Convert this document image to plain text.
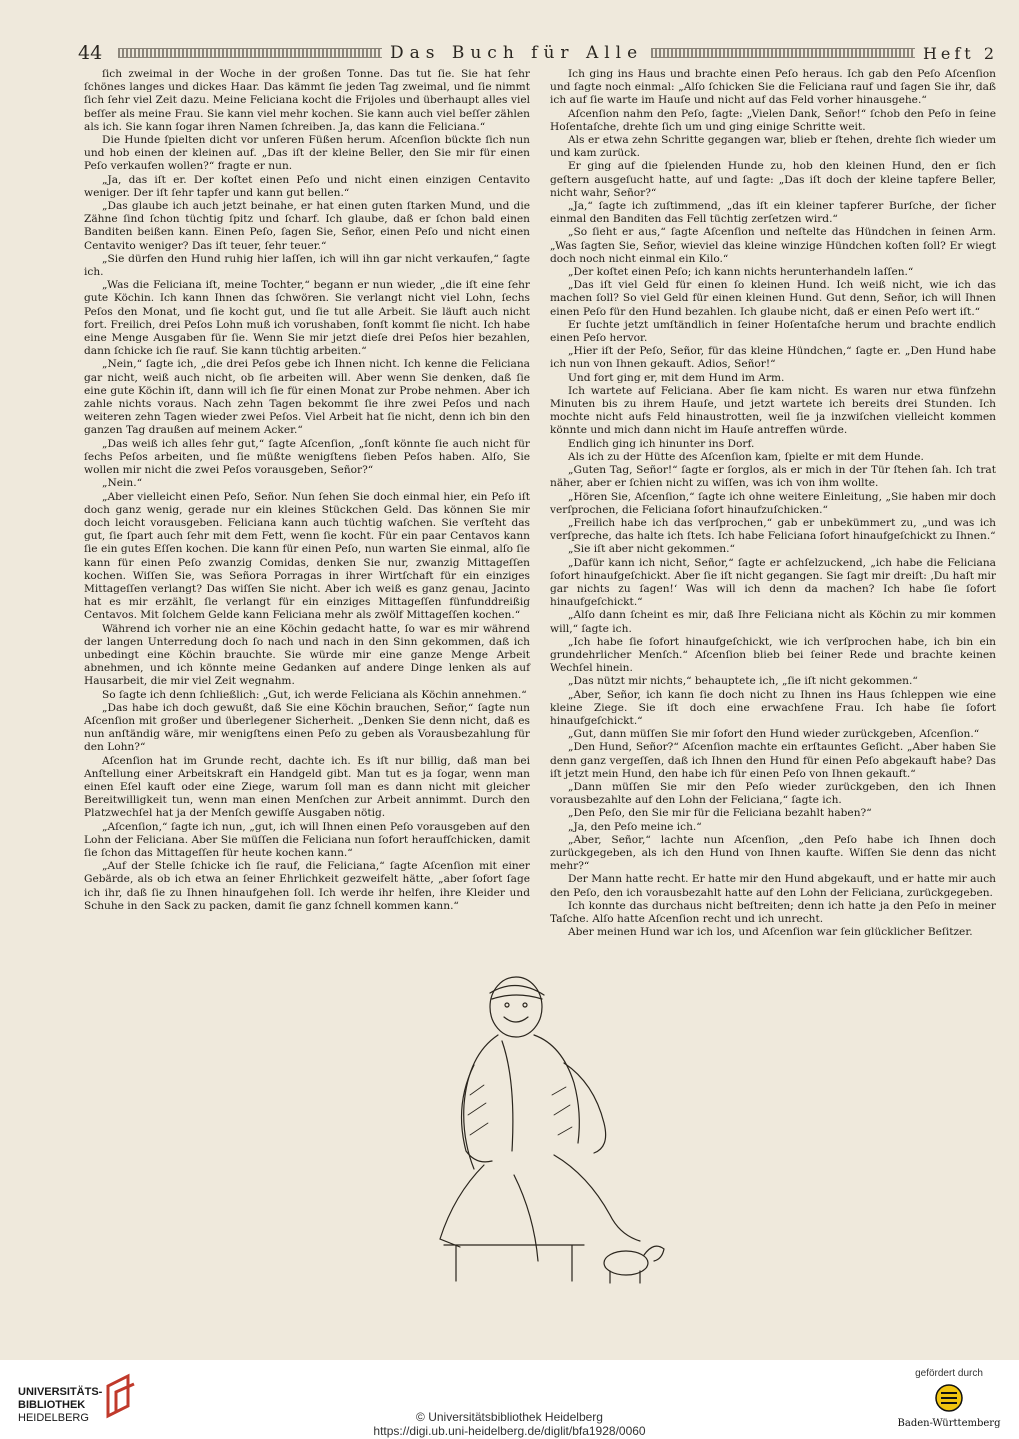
44	Das Buch für Alle	Heft 2

ſich zweimal in der Woche in der großen Tonne. Das tut ſie. Sie hat ſehr ſchönes langes und dickes Haar. Das kämmt ſie jeden Tag zweimal, und ſie nimmt ſich ſehr viel Zeit dazu. Meine Feliciana kocht die Frijoles und überhaupt alles viel beſſer als meine Frau. Sie kann viel mehr kochen. Sie kann auch viel beſſer zählen als ich. Sie kann ſogar ihren Namen ſchreiben. Ja, das kann die Feliciana.“

Die Hunde ſpielten dicht vor unſeren Füßen herum. Aſcenſion bückte ſich nun und hob einen der kleinen auf. „Das iſt der kleine Beller, den Sie mir für einen Peſo verkaufen wollen?“ fragte er nun.

„Ja, das iſt er. Der koſtet einen Peſo und nicht einen einzigen Centavito weniger. Der iſt ſehr tapfer und kann gut bellen.“

„Das glaube ich auch jetzt beinahe, er hat einen guten ſtarken Mund, und die Zähne ſind ſchon tüchtig ſpitz und ſcharf. Ich glaube, daß er ſchon bald einen Banditen beißen kann. Einen Peſo, ſagen Sie, Señor, einen Peſo und nicht einen Centavito weniger? Das iſt teuer, ſehr teuer.“

„Sie dürfen den Hund ruhig hier laſſen, ich will ihn gar nicht verkaufen,“ ſagte ich.

„Was die Feliciana iſt, meine Tochter,“ begann er nun wieder, „die iſt eine ſehr gute Köchin. Ich kann Ihnen das ſchwören. Sie verlangt nicht viel Lohn, ſechs Peſos den Monat, und ſie kocht gut, und ſie tut alle Arbeit. Sie läuft auch nicht fort. Freilich, drei Peſos Lohn muß ich vorushaben, ſonſt kommt ſie nicht. Ich habe eine Menge Ausgaben für ſie. Wenn Sie mir jetzt dieſe drei Peſos hier bezahlen, dann ſchicke ich ſie rauf. Sie kann tüchtig arbeiten.“

„Nein,“ ſagte ich, „die drei Peſos gebe ich Ihnen nicht. Ich kenne die Feliciana gar nicht, weiß auch nicht, ob ſie arbeiten will. Aber wenn Sie denken, daß ſie eine gute Köchin iſt, dann will ich ſie für einen Monat zur Probe nehmen. Aber ich zahle nichts voraus. Nach zehn Tagen bekommt ſie ihre zwei Peſos und nach weiteren zehn Tagen wieder zwei Peſos. Viel Arbeit hat ſie nicht, denn ich bin den ganzen Tag draußen auf meinem Acker.“

„Das weiß ich alles ſehr gut,“ ſagte Aſcenſion, „ſonſt könnte ſie auch nicht für ſechs Peſos arbeiten, und ſie müßte wenigſtens ſieben Peſos haben. Alſo, Sie wollen mir nicht die zwei Peſos vorausgeben, Señor?“

„Nein.“

„Aber vielleicht einen Peſo, Señor. Nun ſehen Sie doch einmal hier, ein Peſo iſt doch ganz wenig, gerade nur ein kleines Stückchen Geld. Das können Sie mir doch leicht vorausgeben. Feliciana kann auch tüchtig waſchen. Sie verſteht das gut, ſie ſpart auch ſehr mit dem Fett, wenn ſie kocht. Für ein paar Centavos kann ſie ein gutes Eſſen kochen. Die kann für einen Peſo, nun warten Sie einmal, alſo ſie kann für einen Peſo zwanzig Comidas, denken Sie nur, zwanzig Mittageſſen kochen. Wiſſen Sie, was Señora Porragas in ihrer Wirtſchaft für ein einziges Mittageſſen verlangt? Das wiſſen Sie nicht. Aber ich weiß es ganz genau, Jacinto hat es mir erzählt, ſie verlangt für ein einziges Mittageſſen fünfunddreißig Centavos. Mit ſolchem Gelde kann Feliciana mehr als zwölf Mittageſſen kochen.“

Während ich vorher nie an eine Köchin gedacht hatte, ſo war es mir während der langen Unterredung doch ſo nach und nach in den Sinn gekommen, daß ich unbedingt eine Köchin brauchte. Sie würde mir eine ganze Menge Arbeit abnehmen, und ich könnte meine Gedanken auf andere Dinge lenken als auf Hausarbeit, die mir viel Zeit wegnahm.

So ſagte ich denn ſchließlich: „Gut, ich werde Feliciana als Köchin annehmen.“

„Das habe ich doch gewußt, daß Sie eine Köchin brauchen, Señor,“ ſagte nun Aſcenſion mit großer und überlegener Sicherheit. „Denken Sie denn nicht, daß es nun anſtändig wäre, mir wenigſtens einen Peſo zu geben als Vorausbezahlung für den Lohn?“

Aſcenſion hat im Grunde recht, dachte ich. Es iſt nur billig, daß man bei Anſtellung einer Arbeitskraft ein Handgeld gibt. Man tut es ja ſogar, wenn man einen Eſel kauft oder eine Ziege, warum ſoll man es dann nicht mit gleicher Bereitwilligkeit tun, wenn man einen Menſchen zur Arbeit annimmt. Durch den Platzwechſel hat ja der Menſch gewiſſe Ausgaben nötig.

„Aſcenſion,“ ſagte ich nun, „gut, ich will Ihnen einen Peſo vorausgeben auf den Lohn der Feliciana. Aber Sie müſſen die Feliciana nun ſofort heraufſchicken, damit ſie ſchon das Mittageſſen für heute kochen kann.“

„Auf der Stelle ſchicke ich ſie rauf, die Feliciana,“ ſagte Aſcenſion mit einer Gebärde, als ob ich etwa an ſeiner Ehrlichkeit gezweifelt hätte, „aber ſofort ſage ich ihr, daß ſie zu Ihnen hinaufgehen ſoll. Ich werde ihr helfen, ihre Kleider und Schuhe in den Sack zu packen, damit ſie ganz ſchnell kommen kann.“

Ich ging ins Haus und brachte einen Peſo heraus. Ich gab den Peſo Aſcenſion und ſagte noch einmal: „Alſo ſchicken Sie die Feliciana rauf und ſagen Sie ihr, daß ich auf ſie warte im Hauſe und nicht auf das Feld vorher hinausgehe.“

Aſcenſion nahm den Peſo, ſagte: „Vielen Dank, Señor!“ ſchob den Peſo in ſeine Hoſentaſche, drehte ſich um und ging einige Schritte weit.

Als er etwa zehn Schritte gegangen war, blieb er ſtehen, drehte ſich wieder um und kam zurück.

Er ging auf die ſpielenden Hunde zu, hob den kleinen Hund, den er ſich geſtern ausgeſucht hatte, auf und ſagte: „Das iſt doch der kleine tapfere Beller, nicht wahr, Señor?“

„Ja,“ ſagte ich zuſtimmend, „das iſt ein kleiner tapferer Burſche, der ſicher einmal den Banditen das Fell tüchtig zerſetzen wird.“

„So ſieht er aus,“ ſagte Aſcenſion und neſtelte das Hündchen in ſeinen Arm. „Was ſagten Sie, Señor, wieviel das kleine winzige Hündchen koſten ſoll? Er wiegt doch noch nicht einmal ein Kilo.“

„Der koſtet einen Peſo; ich kann nichts herunterhandeln laſſen.“

„Das iſt viel Geld für einen ſo kleinen Hund. Ich weiß nicht, wie ich das machen ſoll? So viel Geld für einen kleinen Hund. Gut denn, Señor, ich will Ihnen einen Peſo für den Hund bezahlen. Ich glaube nicht, daß er einen Peſo wert iſt.“

Er ſuchte jetzt umſtändlich in ſeiner Hoſentaſche herum und brachte endlich einen Peſo hervor.

„Hier iſt der Peſo, Señor, für das kleine Hündchen,“ ſagte er. „Den Hund habe ich nun von Ihnen gekauft. Adios, Señor!“

Und fort ging er, mit dem Hund im Arm.

Ich wartete auf Feliciana. Aber ſie kam nicht. Es waren nur etwa fünfzehn Minuten bis zu ihrem Hauſe, und jetzt wartete ich bereits drei Stunden. Ich mochte nicht aufs Feld hinaustrotten, weil ſie ja inzwiſchen vielleicht kommen könnte und mich dann nicht im Hauſe antreffen würde.

Endlich ging ich hinunter ins Dorf.

Als ich zu der Hütte des Aſcenſion kam, ſpielte er mit dem Hunde.

„Guten Tag, Señor!“ ſagte er ſorglos, als er mich in der Tür ſtehen ſah. Ich trat näher, aber er ſchien nicht zu wiſſen, was ich von ihm wollte.

„Hören Sie, Aſcenſion,“ ſagte ich ohne weitere Einleitung, „Sie haben mir doch verſprochen, die Feliciana ſofort hinaufzuſchicken.“

„Freilich habe ich das verſprochen,“ gab er unbekümmert zu, „und was ich verſpreche, das halte ich ſtets. Ich habe Feliciana ſofort hinaufgeſchickt zu Ihnen.“

„Sie iſt aber nicht gekommen.“

„Dafür kann ich nicht, Señor,“ ſagte er achſelzuckend, „ich habe die Feliciana ſofort hinaufgeſchickt. Aber ſie iſt nicht gegangen. Sie ſagt mir dreiſt: ‚Du haſt mir gar nichts zu ſagen!‘ Was will ich denn da machen? Ich habe ſie ſofort hinaufgeſchickt.“

„Alſo dann ſcheint es mir, daß Ihre Feliciana nicht als Köchin zu mir kommen will,“ ſagte ich.

„Ich habe ſie ſofort hinaufgeſchickt, wie ich verſprochen habe, ich bin ein grundehrlicher Menſch.“ Aſcenſion blieb bei ſeiner Rede und brachte keinen Wechſel hinein.

„Das nützt mir nichts,“ behauptete ich, „ſie iſt nicht gekommen.“

„Aber, Señor, ich kann ſie doch nicht zu Ihnen ins Haus ſchleppen wie eine kleine Ziege. Sie iſt doch eine erwachſene Frau. Ich habe ſie ſofort hinaufgeſchickt.“

„Gut, dann müſſen Sie mir ſofort den Hund wieder zurückgeben, Aſcenſion.“

„Den Hund, Señor?“ Aſcenſion machte ein erſtauntes Geſicht. „Aber haben Sie denn ganz vergeſſen, daß ich Ihnen den Hund für einen Peſo abgekauft habe? Das iſt jetzt mein Hund, den habe ich für einen Peſo von Ihnen gekauft.“

„Dann müſſen Sie mir den Peſo wieder zurückgeben, den ich Ihnen vorausbezahlte auf den Lohn der Feliciana,“ ſagte ich.

„Den Peſo, den Sie mir für die Feliciana bezahlt haben?“

„Ja, den Peſo meine ich.“

„Aber, Señor,“ lachte nun Aſcenſion, „den Peſo habe ich Ihnen doch zurückgegeben, als ich den Hund von Ihnen kaufte. Wiſſen Sie denn das nicht mehr?“

Der Mann hatte recht. Er hatte mir den Hund abgekauft, und er hatte mir auch den Peſo, den ich vorausbezahlt hatte auf den Lohn der Feliciana, zurückgegeben.

Ich konnte das durchaus nicht beſtreiten; denn ich hatte ja den Peſo in meiner Taſche. Alſo hatte Aſcenſion recht und ich unrecht.

Aber meinen Hund war ich los, und Aſcenſion war ſein glücklicher Beſitzer.

UNIVERSITÄTS-
BIBLIOTHEK
HEIDELBERG	© Universitätsbibliothek Heidelberg
https://digi.ub.uni-heidelberg.de/diglit/bfa1928/0060
gefördert durch
Baden-Württemberg
